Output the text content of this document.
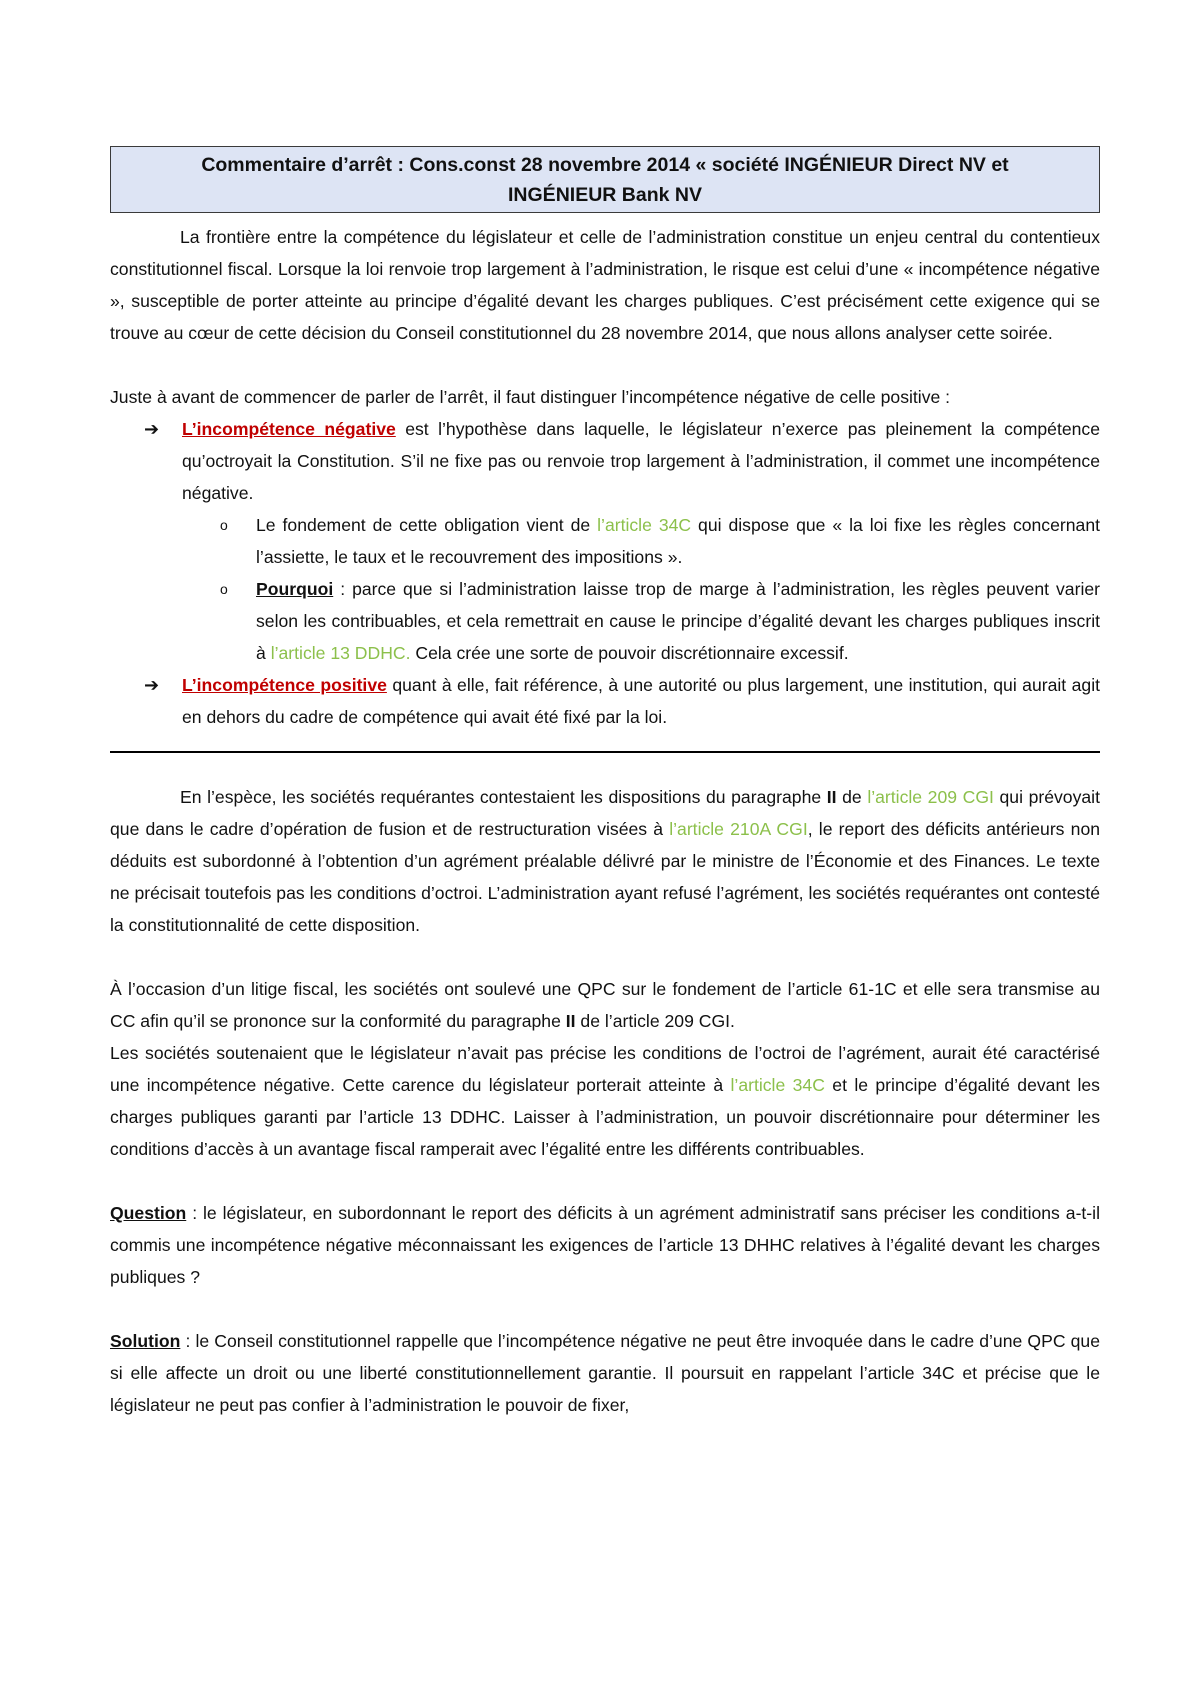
Commentaire d’arrêt : Cons.const 28 novembre 2014 « société INGÉNIEUR Direct NV et
INGÉNIEUR Bank NV

La frontière entre la compétence du législateur et celle de l’administration constitue un enjeu central du contentieux constitutionnel fiscal. Lorsque la loi renvoie trop largement à l’administration, le risque est celui d’une « incompétence négative », susceptible de porter atteinte au principe d’égalité devant les charges publiques. C’est précisément cette exigence qui se trouve au cœur de cette décision du Conseil constitutionnel du 28 novembre 2014, que nous allons analyser cette soirée.

Juste à avant de commencer de parler de l’arrêt, il faut distinguer l’incompétence négative de celle positive :

➔ L’incompétence négative est l’hypothèse dans laquelle, le législateur n’exerce pas pleinement la compétence qu’octroyait la Constitution. S’il ne fixe pas ou renvoie trop largement à l’administration, il commet une incompétence négative.
o Le fondement de cette obligation vient de l’article 34C qui dispose que « la loi fixe les règles concernant l’assiette, le taux et le recouvrement des impositions ».
o Pourquoi : parce que si l’administration laisse trop de marge à l’administration, les règles peuvent varier selon les contribuables, et cela remettrait en cause le principe d’égalité devant les charges publiques inscrit à l’article 13 DDHC. Cela crée une sorte de pouvoir discrétionnaire excessif.
➔ L’incompétence positive quant à elle, fait référence, à une autorité ou plus largement, une institution, qui aurait agit en dehors du cadre de compétence qui avait été fixé par la loi.

En l’espèce, les sociétés requérantes contestaient les dispositions du paragraphe II de l’article 209 CGI qui prévoyait que dans le cadre d’opération de fusion et de restructuration visées à l’article 210A CGI, le report des déficits antérieurs non déduits est subordonné à l’obtention d’un agrément préalable délivré par le ministre de l’Économie et des Finances. Le texte ne précisait toutefois pas les conditions d’octroi. L’administration ayant refusé l’agrément, les sociétés requérantes ont contesté la constitutionnalité de cette disposition.

À l’occasion d’un litige fiscal, les sociétés ont soulevé une QPC sur le fondement de l’article 61-1C et elle sera transmise au CC afin qu’il se prononce sur la conformité du paragraphe II de l’article 209 CGI.

Les sociétés soutenaient que le législateur n’avait pas précise les conditions de l’octroi de l’agrément, aurait été caractérisé une incompétence négative. Cette carence du législateur porterait atteinte à l’article 34C et le principe d’égalité devant les charges publiques garanti par l’article 13 DDHC. Laisser à l’administration, un pouvoir discrétionnaire pour déterminer les conditions d’accès à un avantage fiscal ramperait avec l’égalité entre les différents contribuables.

Question : le législateur, en subordonnant le report des déficits à un agrément administratif sans préciser les conditions a-t-il commis une incompétence négative méconnaissant les exigences de l’article 13 DHHC relatives à l’égalité devant les charges publiques ?

Solution : le Conseil constitutionnel rappelle que l’incompétence négative ne peut être invoquée dans le cadre d’une QPC que si elle affecte un droit ou une liberté constitutionnellement garantie. Il poursuit en rappelant l’article 34C et précise que le législateur ne peut pas confier à l’administration le pouvoir de fixer,
